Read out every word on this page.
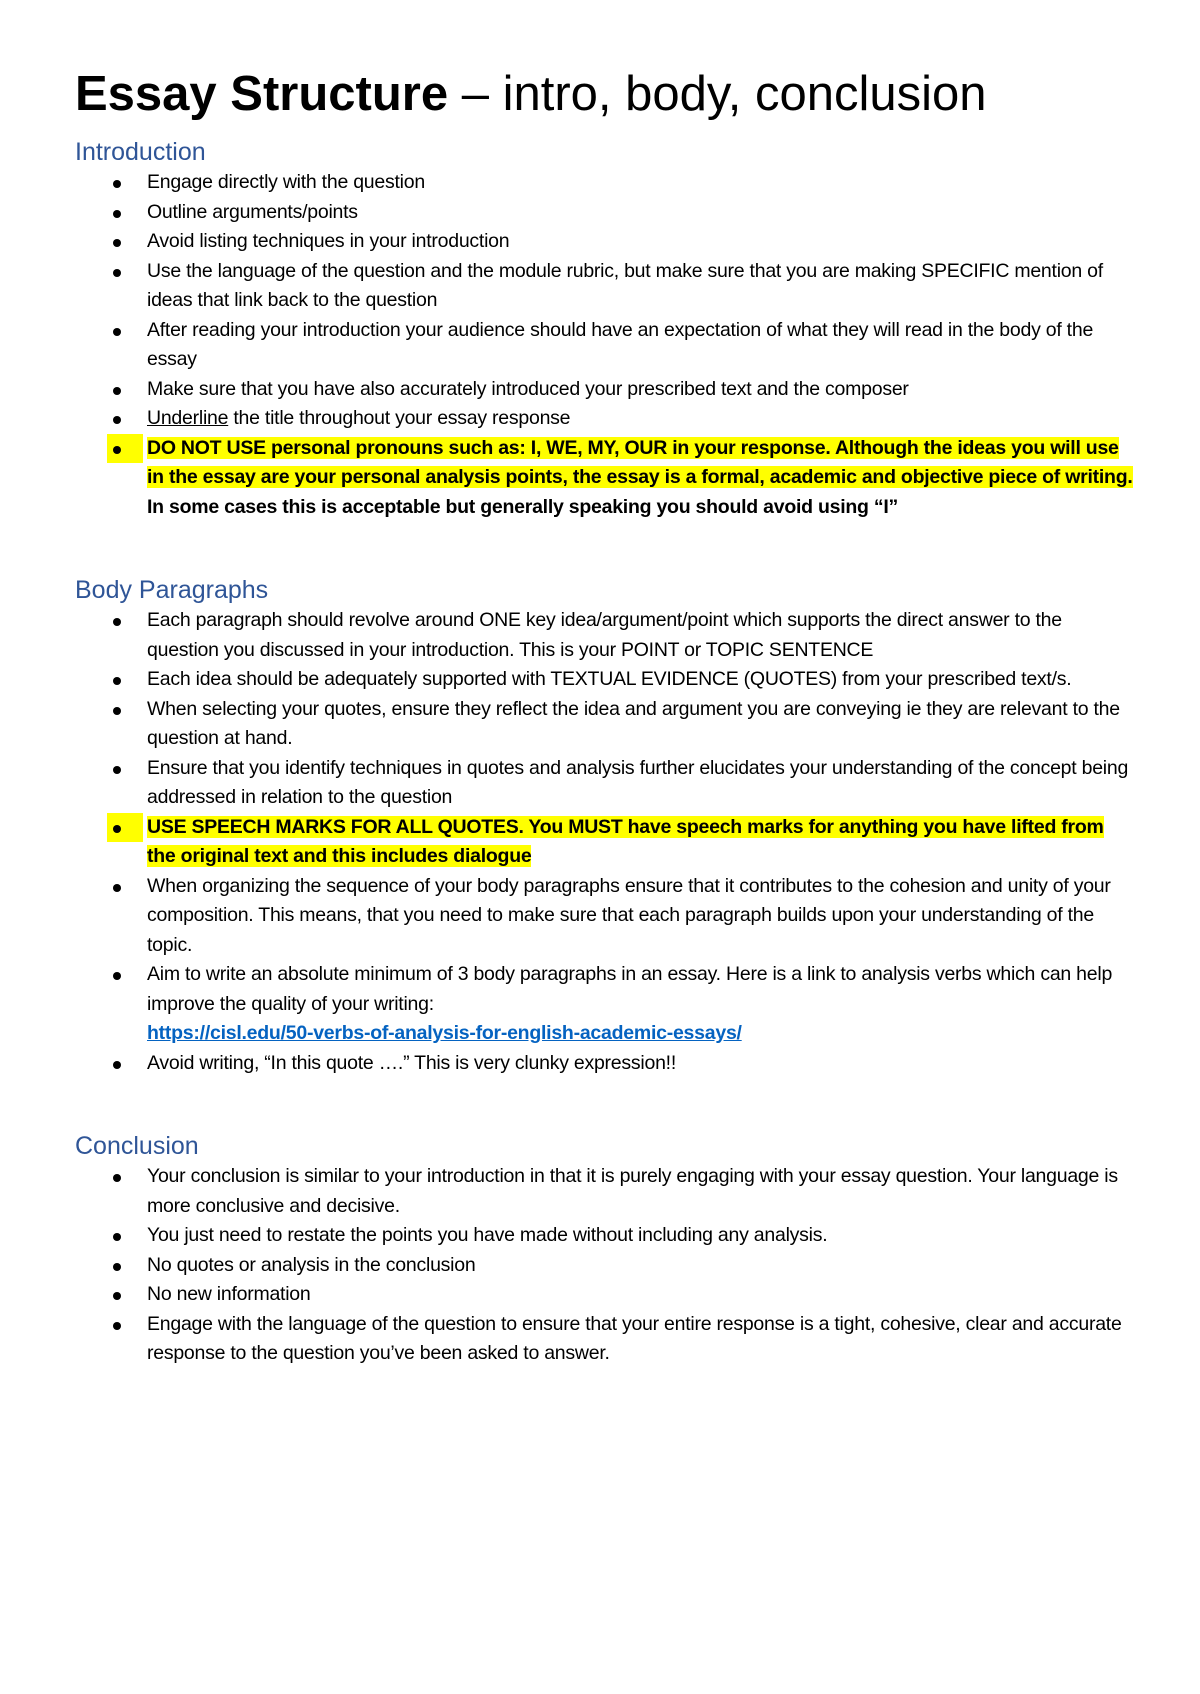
Essay Structure – intro, body, conclusion
Introduction
Engage directly with the question
Outline arguments/points
Avoid listing techniques in your introduction
Use the language of the question and the module rubric, but make sure that you are making SPECIFIC mention of ideas that link back to the question
After reading your introduction your audience should have an expectation of what they will read in the body of the essay
Make sure that you have also accurately introduced your prescribed text and the composer
Underline the title throughout your essay response
DO NOT USE personal pronouns such as: I, WE, MY, OUR in your response. Although the ideas you will use in the essay are your personal analysis points, the essay is a formal, academic and objective piece of writing. In some cases this is acceptable but generally speaking you should avoid using “I”
Body Paragraphs
Each paragraph should revolve around ONE key idea/argument/point which supports the direct answer to the question you discussed in your introduction. This is your POINT or TOPIC SENTENCE
Each idea should be adequately supported with TEXTUAL EVIDENCE (QUOTES) from your prescribed text/s.
When selecting your quotes, ensure they reflect the idea and argument you are conveying ie they are relevant to the question at hand.
Ensure that you identify techniques in quotes and analysis further elucidates your understanding of the concept being addressed in relation to the question
USE SPEECH MARKS FOR ALL QUOTES. You MUST have speech marks for anything you have lifted from the original text and this includes dialogue
When organizing the sequence of your body paragraphs ensure that it contributes to the cohesion and unity of your composition. This means, that you need to make sure that each paragraph builds upon your understanding of the topic.
Aim to write an absolute minimum of 3 body paragraphs in an essay. Here is a link to analysis verbs which can help improve the quality of your writing:
https://cisl.edu/50-verbs-of-analysis-for-english-academic-essays/
Avoid writing, “In this quote ….” This is very clunky expression!!
Conclusion
Your conclusion is similar to your introduction in that it is purely engaging with your essay question. Your language is more conclusive and decisive.
You just need to restate the points you have made without including any analysis.
No quotes or analysis in the conclusion
No new information
Engage with the language of the question to ensure that your entire response is a tight, cohesive, clear and accurate response to the question you’ve been asked to answer.
